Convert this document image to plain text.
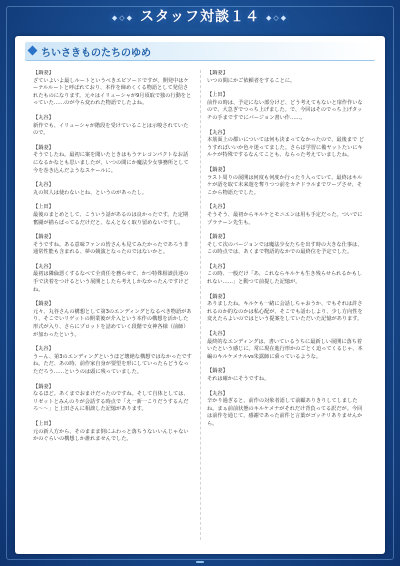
◆◇◆ スタッフ対談１４ ◆◇◆
ちいさきものたちのゆめ
【鍋妻】
ざていよいよ最しルートというべきエピソードですが。開発中はケーテルルートと呼ばれており、本作を締めくくる物語として発信されたものになります。元々はイリューシャが9月頃取で独の行動をとっていた……のが今ら変われた物語でしたよね。
【丸谷】
新作でも、イリューシャが階段を受けていることは示唆されていたので。
【鍋妻】
そうでしたね。最初に案を聞いたときはもうテレコンパクトなお話になるかなとも思いましたが、いつの間にか魔法少女事務所として今を巻き込んだようなスケールに。
【丸谷】
丸の奴人は使わないとね、というのがあったし。
【上田】
最後のまとめとして、こういう話があるのは良かったです。た定期奮闘が描らばってるだけだと、なんとなく取り留めないですし。
【鍋妻】
そうですね。ある意味ファンの皆さんも見てみたかったであろう非通常性能も含まれる、夢の競演となったのではないかと。
【丸谷】
最初は隣倫悪くするなべて全責任を務らせて、かつ特殊相談員達の手で決着をつけるという展開としたら考えしかなかったんですけどね。
【鍋妻】
元々、丸谷さんの構想として第3のエンディングとなるべき物語があり、そこでいリゲットの開業後が介入という本作の構想を活かした形式が入り、さらにプロットを詰めていく段階で女神各様（前師）が加わったという。
【丸谷】
うーん、第3のエンディングというほど壊絶な構想ではなかったですね。ただ、あの時、前作家自身が要望を形にしていったらどうなっただろう……というのは頭に残っていました。
【鍋妻】
なるほど。あくまでおまけだったのですね。そして自体としては、リゼットとみんのりが会話する時点で「え一新一こりだうするんだろ～～」と上田さんに相談した記憶があります。
【上田】
元の新人方から、そのままま倒にふわっと落ちうないいんじゃないかのぐらいの構想しか誰れませんでした。
【鍋妻】
いつの間にかご依頼者をすることに。
【上田】
前作の時は、予定にない部分けど、どう考えてもないと扉作作いなので、大急ぎでつっち上げました。で、今回はそのでっち上げタッチの手まですでにバージョン書い作……。
【丸谷】
本筋面上の都いについては何も決まってなかったので、最後まで どうすればいいか色々迷ってました。さらば学習に備ヤットたいにキルケが特殊でするなんてことも、ならった考えていましたね。
【鍋妻】
ラスト周りの展開は何度も何度か行ったり入っていて、最終はキルケが語を取て未来遊を奪りつつ前をカチドラルまでワープさせ、そこから物語たでした。
【丸谷】
そうそう、最初からキルケとモニエンは用も手定だった。ついでにプラナーン先生も。
【鍋妻】
そして次のバージョンでは魔法少女たちを出す時の大きな仕事は、この時点では、あくまで物語的なかでの最終位を予定でした。
【丸谷】
この時、一般だけ「あ、これならキルケも生き残らせられるかもしれない……」と動つて前提した記憶が。
【鍋妻】
ありましたね。キルケも一緒に会話しちゃおうか、でもそれは許されるのか的なのかは私心配が、そこでも話わしより、少し方向性を変えたらよいのではという提案をしていただいた記憶があります。
【丸谷】
最終的なエンディングは、書いているうちに最新しい展開に落ち着いたという感じに。常に現在進行形かのごとく迫ってくるじゃ、本編のキルケメナルvs朱露師に乗っているような。
【鍋妻】
それは確かにそうですね。
【丸谷】
辛かり過ぎると、前作の対象者語して前顧ありきりしてしましたね。まぁ前前状態のキルケメナがそれだけ背負ってる訳だが。今回は前作を通じて、感謝であった前件と言葉がゴッチリありませんから。
